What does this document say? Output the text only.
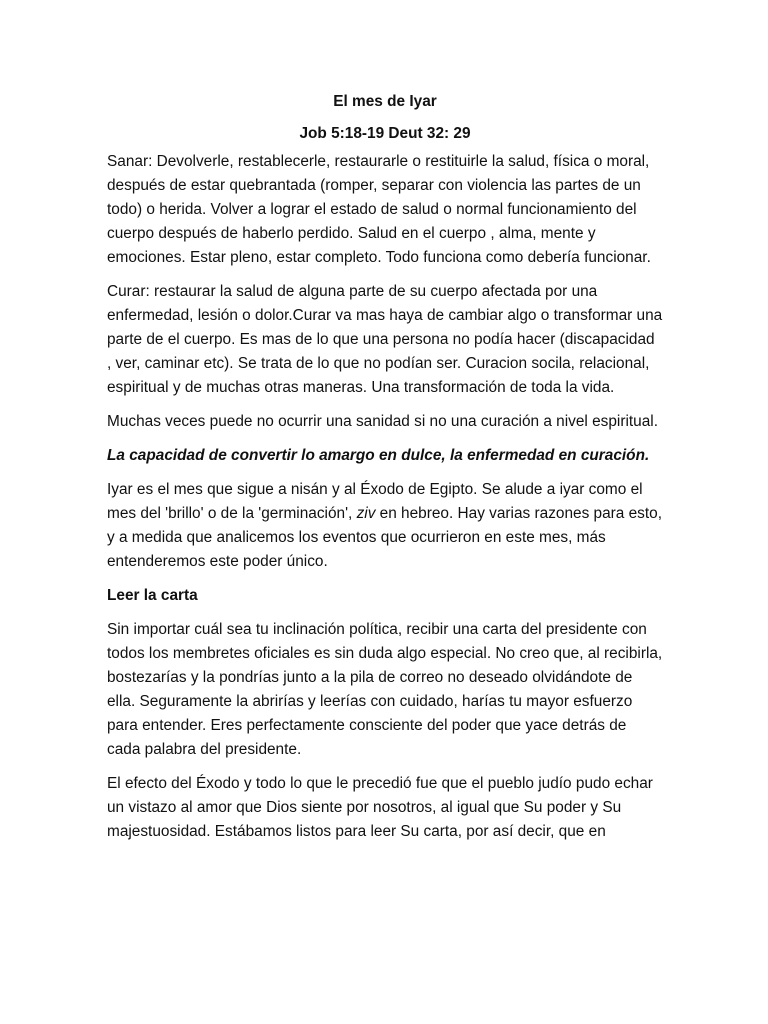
El mes de Iyar
Job 5:18-19 Deut 32: 29

Sanar: Devolverle, restablecerle, restaurarle o restituirle la salud, física o moral, después de estar quebrantada (romper, separar con violencia las partes de un todo) o herida. Volver a lograr el estado de salud o normal funcionamiento del cuerpo después de haberlo perdido. Salud en el cuerpo , alma, mente y emociones. Estar pleno, estar completo. Todo funciona como debería funcionar.

Curar: restaurar la salud de alguna parte de su cuerpo afectada por una enfermedad, lesión o dolor.Curar va mas haya de cambiar algo o transformar una parte de el cuerpo. Es mas de lo que una persona no podía hacer (discapacidad , ver, caminar etc). Se trata de lo que no podían ser. Curacion socila, relacional, espiritual y de muchas otras maneras. Una transformación de toda la vida.

Muchas veces puede no ocurrir una sanidad si no una curación a nivel espiritual.

La capacidad de convertir lo amargo en dulce, la enfermedad en curación.

Iyar es el mes que sigue a nisán y al Éxodo de Egipto. Se alude a iyar como el mes del 'brillo' o de la 'germinación', ziv en hebreo. Hay varias razones para esto, y a medida que analicemos los eventos que ocurrieron en este mes, más entenderemos este poder único.

Leer la carta

Sin importar cuál sea tu inclinación política, recibir una carta del presidente con todos los membretes oficiales es sin duda algo especial. No creo que, al recibirla, bostezarías y la pondrías junto a la pila de correo no deseado olvidándote de ella. Seguramente la abrirías y leerías con cuidado, harías tu mayor esfuerzo para entender. Eres perfectamente consciente del poder que yace detrás de cada palabra del presidente.

El efecto del Éxodo y todo lo que le precedió fue que el pueblo judío pudo echar un vistazo al amor que Dios siente por nosotros, al igual que Su poder y Su majestuosidad. Estábamos listos para leer Su carta, por así decir, que en
